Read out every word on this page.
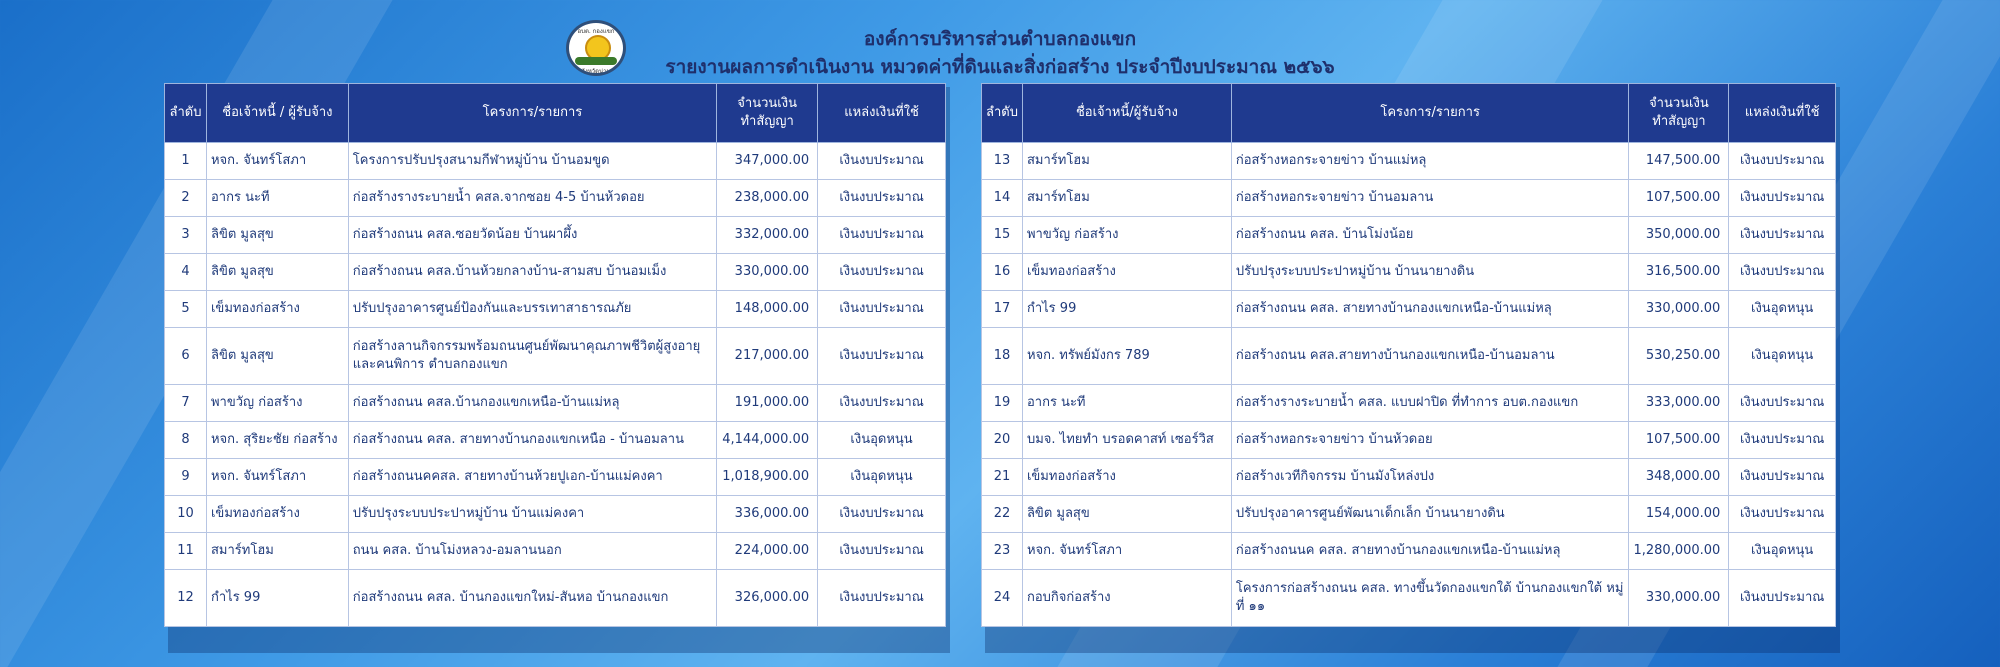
อบต. กองแขก
จังหวัดน่าน
องค์การบริหารส่วนตำบลกองแขก
รายงานผลการดำเนินงาน หมวดค่าที่ดินและสิ่งก่อสร้าง ประจำปีงบประมาณ ๒๕๖๖
ลำดับ	ชื่อเจ้าหนี้ / ผู้รับจ้าง	โครงการ/รายการ	จำนวนเงิน
ทำสัญญา	แหล่งเงินที่ใช้
1	หจก. จันทร์โสภา	โครงการปรับปรุงสนามกีฬาหมู่บ้าน บ้านอมขูด	347,000.00	เงินงบประมาณ
2	อากร นะที	ก่อสร้างรางระบายน้ำ คสล.จากซอย 4-5 บ้านห้วดอย	238,000.00	เงินงบประมาณ
3	ลิขิต มูลสุข	ก่อสร้างถนน คสล.ซอยวัดน้อย บ้านผาผึ้ง	332,000.00	เงินงบประมาณ
4	ลิขิต มูลสุข	ก่อสร้างถนน คสล.บ้านห้วยกลางบ้าน-สามสบ บ้านอมเม็ง	330,000.00	เงินงบประมาณ
5	เข็มทองก่อสร้าง	ปรับปรุงอาคารศูนย์ป้องกันและบรรเทาสาธารณภัย	148,000.00	เงินงบประมาณ
6	ลิขิต มูลสุข	ก่อสร้างลานกิจกรรมพร้อมถนนศูนย์พัฒนาคุณภาพชีวิตผู้สูงอายุและคนพิการ ตำบลกองแขก	217,000.00	เงินงบประมาณ
7	พาขวัญ ก่อสร้าง	ก่อสร้างถนน คสล.บ้านกองแขกเหนือ-บ้านแม่หลุ	191,000.00	เงินงบประมาณ
8	หจก. สุริยะชัย ก่อสร้าง	ก่อสร้างถนน คสล. สายทางบ้านกองแขกเหนือ - บ้านอมลาน	4,144,000.00	เงินอุดหนุน
9	หจก. จันทร์โสภา	ก่อสร้างถนนคคสล. สายทางบ้านห้วยปูเอก-บ้านแม่คงคา	1,018,900.00	เงินอุดหนุน
10	เข็มทองก่อสร้าง	ปรับปรุงระบบประปาหมู่บ้าน บ้านแม่คงคา	336,000.00	เงินงบประมาณ
11	สมาร์ทโฮม	ถนน คสล. บ้านโม่งหลวง-อมลานนอก	224,000.00	เงินงบประมาณ
12	กำไร 99	ก่อสร้างถนน คสล. บ้านกองแขกใหม่-สันหอ บ้านกองแขก	326,000.00	เงินงบประมาณ
ลำดับ	ชื่อเจ้าหนี้/ผู้รับจ้าง	โครงการ/รายการ	จำนวนเงิน
ทำสัญญา	แหล่งเงินที่ใช้
13	สมาร์ทโฮม	ก่อสร้างหอกระจายข่าว บ้านแม่หลุ	147,500.00	เงินงบประมาณ
14	สมาร์ทโฮม	ก่อสร้างหอกระจายข่าว บ้านอมลาน	107,500.00	เงินงบประมาณ
15	พาขวัญ ก่อสร้าง	ก่อสร้างถนน คสล. บ้านโม่งน้อย	350,000.00	เงินงบประมาณ
16	เข็มทองก่อสร้าง	ปรับปรุงระบบประปาหมู่บ้าน บ้านนายางดิน	316,500.00	เงินงบประมาณ
17	กำไร 99	ก่อสร้างถนน คสล. สายทางบ้านกองแขกเหนือ-บ้านแม่หลุ	330,000.00	เงินอุดหนุน
18	หจก. ทรัพย์มังกร 789	ก่อสร้างถนน คสล.สายทางบ้านกองแขกเหนือ-บ้านอมลาน	530,250.00	เงินอุดหนุน
19	อากร นะที	ก่อสร้างรางระบายน้ำ คสล. แบบฝาปิด ที่ทำการ อบต.กองแขก	333,000.00	เงินงบประมาณ
20	บมจ. ไทยทำ บรอดคาสท์ เซอร์วิส	ก่อสร้างหอกระจายข่าว บ้านห้วดอย	107,500.00	เงินงบประมาณ
21	เข็มทองก่อสร้าง	ก่อสร้างเวทีกิจกรรม บ้านมังโหล่งปง	348,000.00	เงินงบประมาณ
22	ลิขิต มูลสุข	ปรับปรุงอาคารศูนย์พัฒนาเด็กเล็ก บ้านนายางดิน	154,000.00	เงินงบประมาณ
23	หจก. จันทร์โสภา	ก่อสร้างถนนค คสล. สายทางบ้านกองแขกเหนือ-บ้านแม่หลุ	1,280,000.00	เงินอุดหนุน
24	กอบกิจก่อสร้าง	โครงการก่อสร้างถนน คสล. ทางขึ้นวัดกองแขกใต้ บ้านกองแขกใต้ หมู่ที่ ๑๑	330,000.00	เงินงบประมาณ
